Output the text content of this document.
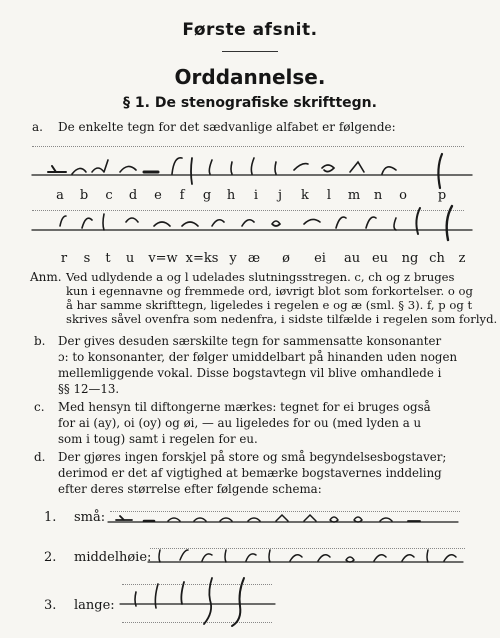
Første afsnit.
Orddannelse.
§ 1. De stenografiske skrifttegn.
a. De enkelte tegn for det sædvanlige alfabet er følgende:
a b c d e f g h i j k l m n o p
r s t u v=w x=ks y æ ø ei au eu ng ch z
Anm. Ved udlydende a og l udelades slutningsstregen. c, ch og z bruges
kun i egennavne og fremmede ord, iøvrigt blot som forkortelser. o og
å har samme skrifttegn, ligeledes i regelen e og æ (sml. § 3). f, p og t
skrives såvel ovenfra som nedenfra, i sidste tilfælde i regelen som forlyd.
b. Der gives desuden særskilte tegn for sammensatte konsonanter
ɔ: to konsonanter, der følger umiddelbart på hinanden uden nogen
mellemliggende vokal. Disse bogstavtegn vil blive omhandlede i
§§ 12—13.
c. Med hensyn til diftongerne mærkes: tegnet for ei bruges også
for ai (ay), oi (oy) og øi, — au ligeledes for ou (med lyden a u
som i toug) samt i regelen for eu.
d. Der gjøres ingen forskjel på store og små begyndelsesbogstaver;
derimod er det af vigtighed at bemærke bogstavernes inddeling
efter deres størrelse efter følgende schema:
1. små:
2. middelhøie:
3. lange:
